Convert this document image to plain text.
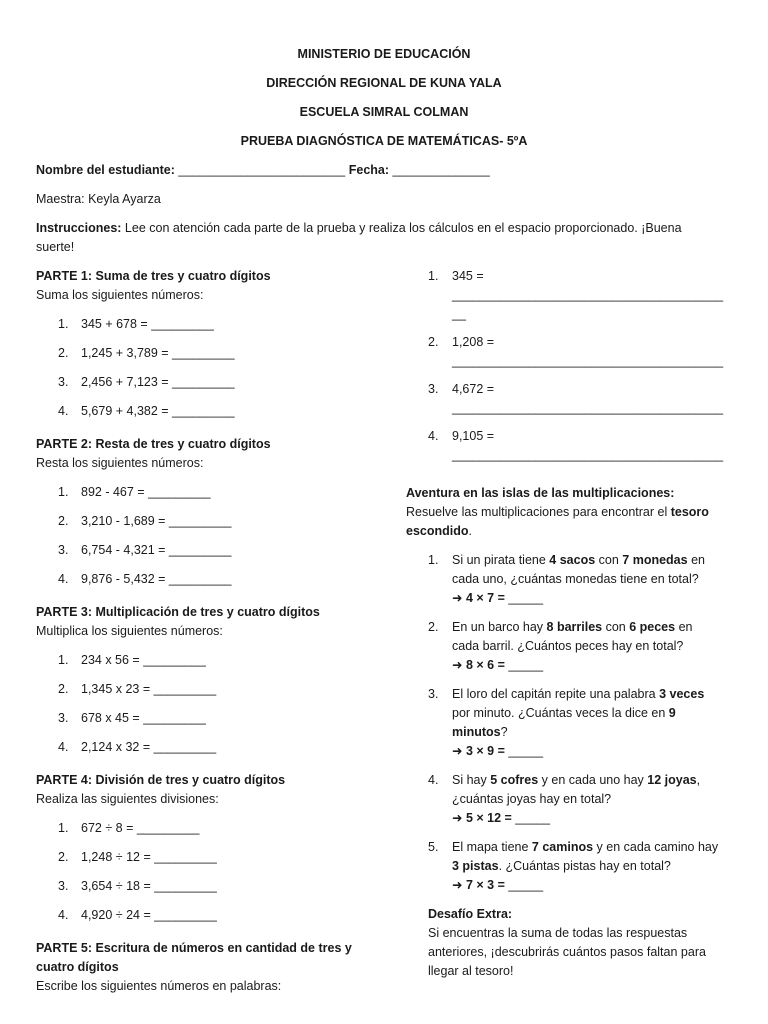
MINISTERIO DE EDUCACIÓN
DIRECCIÓN REGIONAL DE KUNA YALA
ESCUELA SIMRAL COLMAN
PRUEBA DIAGNÓSTICA DE MATEMÁTICAS- 5ºA
Nombre del estudiante: ________________________ Fecha: ______________
Maestra: Keyla Ayarza
Instrucciones: Lee con atención cada parte de la prueba y realiza los cálculos en el espacio proporcionado. ¡Buena
suerte!
PARTE 1: Suma de tres y cuatro dígitos
Suma los siguientes números:
1. 345 + 678 = _________
2. 1,245 + 3,789 = _________
3. 2,456 + 7,123 = _________
4. 5,679 + 4,382 = _________
PARTE 2: Resta de tres y cuatro dígitos
Resta los siguientes números:
1. 892 - 467 = _________
2. 3,210 - 1,689 = _________
3. 6,754 - 4,321 = _________
4. 9,876 - 5,432 = _________
PARTE 3: Multiplicación de tres y cuatro dígitos
Multiplica los siguientes números:
1. 234 x 56 = _________
2. 1,345 x 23 = _________
3. 678 x 45 = _________
4. 2,124 x 32 = _________
PARTE 4: División de tres y cuatro dígitos
Realiza las siguientes divisiones:
1. 672 ÷ 8 = _________
2. 1,248 ÷ 12 = _________
3. 3,654 ÷ 18 = _________
4. 4,920 ÷ 24 = _________
PARTE 5: Escritura de números en cantidad de tres y
cuatro dígitos
Escribe los siguientes números en palabras:
1. 345 =
_______________________________________
__
2. 1,208 =
_______________________________________
3. 4,672 =
_______________________________________
4. 9,105 =
_______________________________________
Aventura en las islas de las multiplicaciones:
Resuelve las multiplicaciones para encontrar el tesoro
escondido.
1. Si un pirata tiene 4 sacos con 7 monedas en
cada uno, ¿cuántas monedas tiene en total?
➜ 4 × 7 = _____
2. En un barco hay 8 barriles con 6 peces en
cada barril. ¿Cuántos peces hay en total?
➜ 8 × 6 = _____
3. El loro del capitán repite una palabra 3 veces
por minuto. ¿Cuántas veces la dice en 9
minutos?
➜ 3 × 9 = _____
4. Si hay 5 cofres y en cada uno hay 12 joyas,
¿cuántas joyas hay en total?
➜ 5 × 12 = _____
5. El mapa tiene 7 caminos y en cada camino hay
3 pistas. ¿Cuántas pistas hay en total?
➜ 7 × 3 = _____
Desafío Extra:
Si encuentras la suma de todas las respuestas
anteriores, ¡descubrirás cuántos pasos faltan para
llegar al tesoro!
